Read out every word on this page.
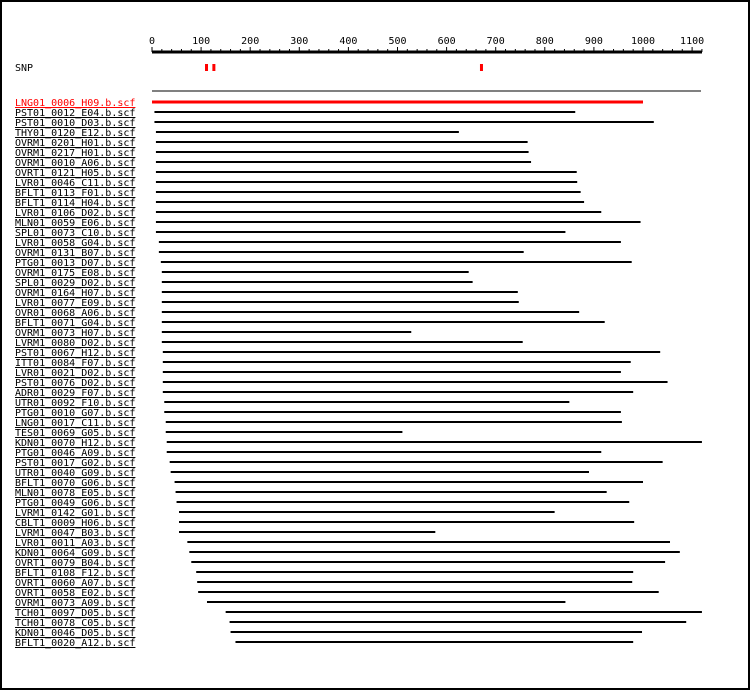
0	100	200	300	400	500	600	700	800	900	1000	1100
SNP
LNG01_0006_H09.b.scf
PST01_0012_E04.b.scf
PST01_0010_D03.b.scf
THY01_0120_E12.b.scf
OVRM1_0201_H01.b.scf
OVRM1_0217_H01.b.scf
OVRM1_0010_A06.b.scf
OVRT1_0121_H05.b.scf
LVR01_0046_C11.b.scf
BFLT1_0113_F01.b.scf
BFLT1_0114_H04.b.scf
LVR01_0106_D02.b.scf
MLN01_0059_E06.b.scf
SPL01_0073_C10.b.scf
LVR01_0058_G04.b.scf
OVRM1_0131_B07.b.scf
PTG01_0013_D07.b.scf
OVRM1_0175_E08.b.scf
SPL01_0029_D02.b.scf
OVRM1_0164_H07.b.scf
LVR01_0077_E09.b.scf
OVR01_0068_A06.b.scf
BFLT1_0071_G04.b.scf
OVRM1_0073_H07.b.scf
LVRM1_0080_D02.b.scf
PST01_0067_H12.b.scf
ITT01_0084_F07.b.scf
LVR01_0021_D02.b.scf
PST01_0076_D02.b.scf
ADR01_0029_F07.b.scf
UTR01_0092_F10.b.scf
PTG01_0010_G07.b.scf
LNG01_0017_C11.b.scf
TES01_0069_G05.b.scf
KDN01_0070_H12.b.scf
PTG01_0046_A09.b.scf
PST01_0017_G02.b.scf
UTR01_0040_G09.b.scf
BFLT1_0070_G06.b.scf
MLN01_0078_E05.b.scf
PTG01_0049_G06.b.scf
LVRM1_0142_G01.b.scf
CBLT1_0009_H06.b.scf
LVRM1_0047_B03.b.scf
LVR01_0011_A03.b.scf
KDN01_0064_G09.b.scf
OVRT1_0079_B04.b.scf
BFLT1_0108_F12.b.scf
OVRT1_0060_A07.b.scf
OVRT1_0058_E02.b.scf
OVRM1_0073_A09.b.scf
TCH01_0097_D05.b.scf
TCH01_0078_C05.b.scf
KDN01_0046_D05.b.scf
BFLT1_0020_A12.b.scf
